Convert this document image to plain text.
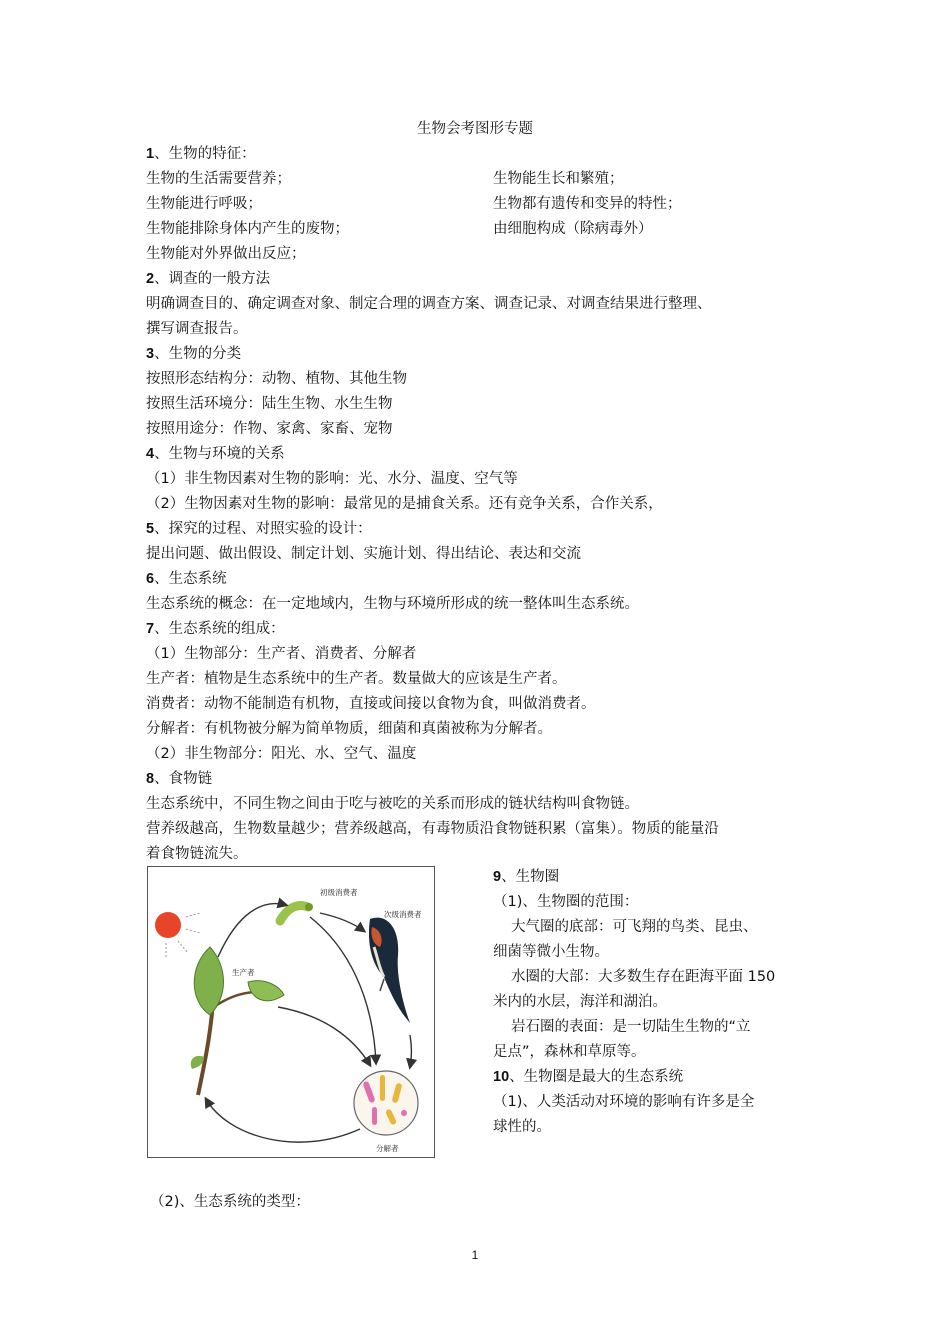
生物会考图形专题
1、生物的特征：
生物的生活需要营养；	生物能生长和繁殖；
生物能进行呼吸；	生物都有遗传和变异的特性；
生物能排除身体内产生的废物；	由细胞构成（除病毒外）
生物能对外界做出反应；
2、调查的一般方法
明确调查目的、确定调查对象、制定合理的调查方案、调查记录、对调查结果进行整理、
撰写调查报告。
3、生物的分类
按照形态结构分：动物、植物、其他生物
按照生活环境分：陆生生物、水生生物
按照用途分：作物、家禽、家畜、宠物
4、生物与环境的关系
（1）非生物因素对生物的影响：光、水分、温度、空气等
（2）生物因素对生物的影响：最常见的是捕食关系。还有竞争关系，合作关系，
5、探究的过程、对照实验的设计：
提出问题、做出假设、制定计划、实施计划、得出结论、表达和交流
6、生态系统
生态系统的概念：在一定地域内，生物与环境所形成的统一整体叫生态系统。
7、生态系统的组成：
（1）生物部分：生产者、消费者、分解者
生产者：植物是生态系统中的生产者。数量做大的应该是生产者。
消费者：动物不能制造有机物，直接或间接以食物为食，叫做消费者。
分解者：有机物被分解为简单物质，细菌和真菌被称为分解者。
（2）非生物部分：阳光、水、空气、温度
8、食物链
生态系统中，不同生物之间由于吃与被吃的关系而形成的链状结构叫食物链。
营养级越高，生物数量越少；营养级越高，有毒物质沿食物链积累（富集）。物质的能量沿
着食物链流失。
生产者
初级消费者
次级消费者
分解者
9、生物圈
（1)、生物圈的范围：
大气圈的底部：可飞翔的鸟类、昆虫、
细菌等微小生物。
水圈的大部：大多数生存在距海平面 150
米内的水层，海洋和湖泊。
岩石圈的表面：是一切陆生生物的“立
足点”，森林和草原等。
10、生物圈是最大的生态系统
（1)、人类活动对环境的影响有许多是全
球性的。
（2)、生态系统的类型：
1
